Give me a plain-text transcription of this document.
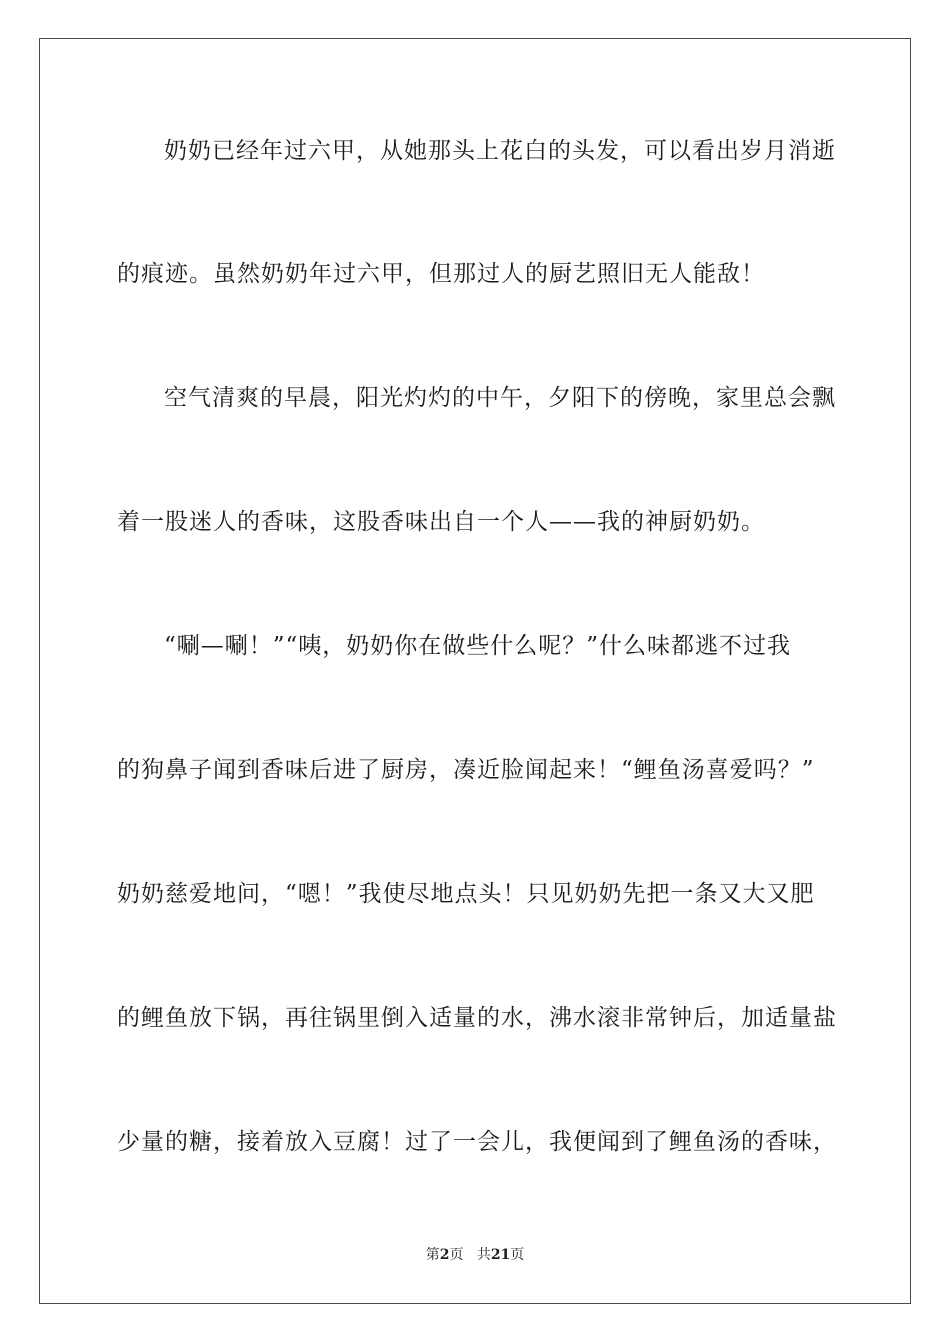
奶奶已经年过六甲，从她那头上花白的头发，可以看出岁月消逝
的痕迹。虽然奶奶年过六甲，但那过人的厨艺照旧无人能敌！
空气清爽的早晨，阳光灼灼的中午，夕阳下的傍晚，家里总会飘
着一股迷人的香味，这股香味出自一个人——我的神厨奶奶。
“唰—唰！”“咦，奶奶你在做些什么呢？”什么味都逃不过我
的狗鼻子闻到香味后进了厨房，凑近脸闻起来！“鲤鱼汤喜爱吗？”
奶奶慈爱地问，“嗯！”我使尽地点头！只见奶奶先把一条又大又肥
的鲤鱼放下锅，再往锅里倒入适量的水，沸水滚非常钟后，加适量盐
少量的糖，接着放入豆腐！过了一会儿，我便闻到了鲤鱼汤的香味，
第2页 共21页
